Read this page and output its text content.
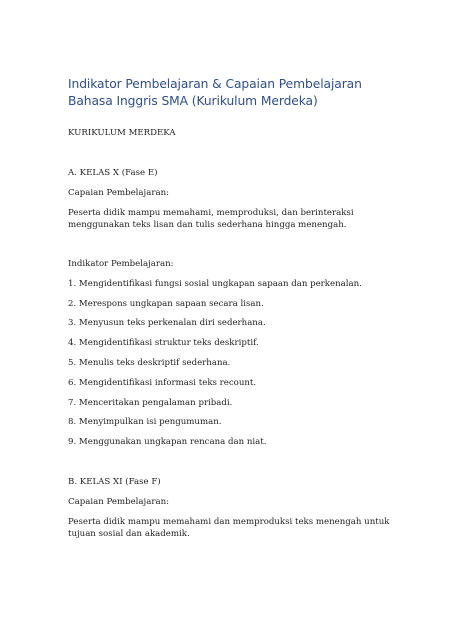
Indikator Pembelajaran & Capaian Pembelajaran
Bahasa Inggris SMA (Kurikulum Merdeka)

KURIKULUM MERDEKA

A. KELAS X (Fase E)

Capaian Pembelajaran:

Peserta didik mampu memahami, memproduksi, dan berinteraksi menggunakan teks lisan dan tulis sederhana hingga menengah.

Indikator Pembelajaran:

1. Mengidentifikasi fungsi sosial ungkapan sapaan dan perkenalan.

2. Merespons ungkapan sapaan secara lisan.

3. Menyusun teks perkenalan diri sederhana.

4. Mengidentifikasi struktur teks deskriptif.

5. Menulis teks deskriptif sederhana.

6. Mengidentifikasi informasi teks recount.

7. Menceritakan pengalaman pribadi.

8. Menyimpulkan isi pengumuman.

9. Menggunakan ungkapan rencana dan niat.

B. KELAS XI (Fase F)

Capaian Pembelajaran:

Peserta didik mampu memahami dan memproduksi teks menengah untuk tujuan sosial dan akademik.
